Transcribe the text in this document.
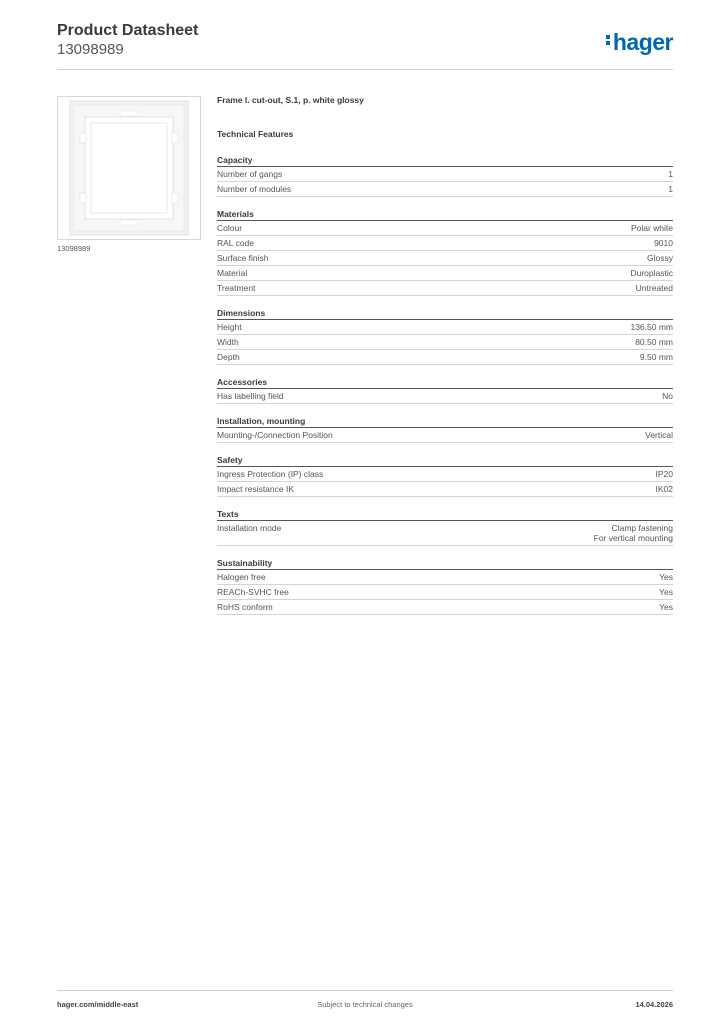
Product Datasheet
13098989	hager
13098989
Frame l. cut-out, S.1, p. white glossy
Technical Features
Capacity
Number of gangs	1
Number of modules	1
Materials
Colour	Polar white
RAL code	9010
Surface finish	Glossy
Material	Duroplastic
Treatment	Untreated
Dimensions
Height	136.50 mm
Width	80.50 mm
Depth	9.50 mm
Accessories
Has labelling field	No
Installation, mounting
Mounting-/Connection Position	Vertical
Safety
Ingress Protection (IP) class	IP20
Impact resistance IK	IK02
Texts
Installation mode	Clamp fastening
For vertical mounting
Sustainability
Halogen free	Yes
REACh-SVHC free	Yes
RoHS conform	Yes
hager.com/middle-east	Subject to technical changes	14.04.2026
